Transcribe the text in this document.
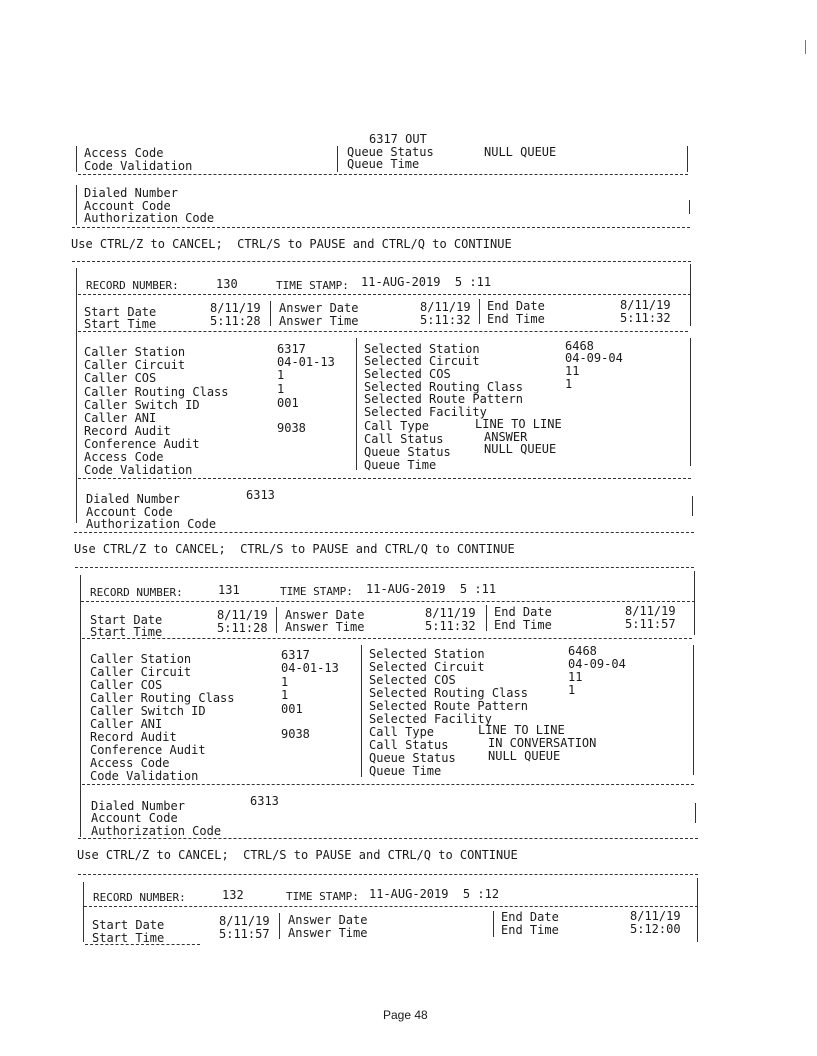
6317 OUT
Access Code	Queue Status	NULL QUEUE
Code Validation	Queue Time
Dialed Number
Account Code
Authorization Code
Use CTRL/Z to CANCEL;  CTRL/S to PAUSE and CTRL/Q to CONTINUE
RECORD NUMBER:	130	TIME STAMP: 11-AUG-2019  5 :11
Start Date	8/11/19 Answer Date	8/11/19 End Date	8/11/19
Start Time	5:11:28 Answer Time	5:11:32 End Time	5:11:32
Caller Station	6317	Selected Station	6468
Caller Circuit	04-01-13 Selected Circuit	04-09-04
Caller COS	1	Selected COS	11
Caller Routing Class	1	Selected Routing Class	1
Caller Switch ID	001	Selected Route Pattern
Caller ANI	Selected Facility
Record Audit	9038	Call Type	LINE TO LINE
Conference Audit	Call Status	ANSWER
Access Code	Queue Status	NULL QUEUE
Code Validation	Queue Time
Dialed Number	6313
Account Code
Authorization Code
Use CTRL/Z to CANCEL;  CTRL/S to PAUSE and CTRL/Q to CONTINUE
RECORD NUMBER:	131	TIME STAMP: 11-AUG-2019  5 :11
Start Date	8/11/19 Answer Date	8/11/19 End Date	8/11/19
Start Time	5:11:28 Answer Time	5:11:32 End Time	5:11:57
Caller Station	6317	Selected Station	6468
Caller Circuit	04-01-13	Selected Circuit	04-09-04
Caller COS	1	Selected COS	11
Caller Routing Class	1	Selected Routing Class	1
Caller Switch ID	001	Selected Route Pattern
Caller ANI	Selected Facility
Record Audit	9038	Call Type	LINE TO LINE
Conference Audit	Call Status	IN CONVERSATION
Access Code	Queue Status	NULL QUEUE
Code Validation	Queue Time
Dialed Number	6313
Account Code
Authorization Code
Use CTRL/Z to CANCEL;  CTRL/S to PAUSE and CTRL/Q to CONTINUE
RECORD NUMBER:	132	TIME STAMP: 11-AUG-2019  5 :12
Start Date	8/11/19 Answer Date	End Date	8/11/19
Start Time	5:11:57 Answer Time	End Time	5:12:00
Page 48
